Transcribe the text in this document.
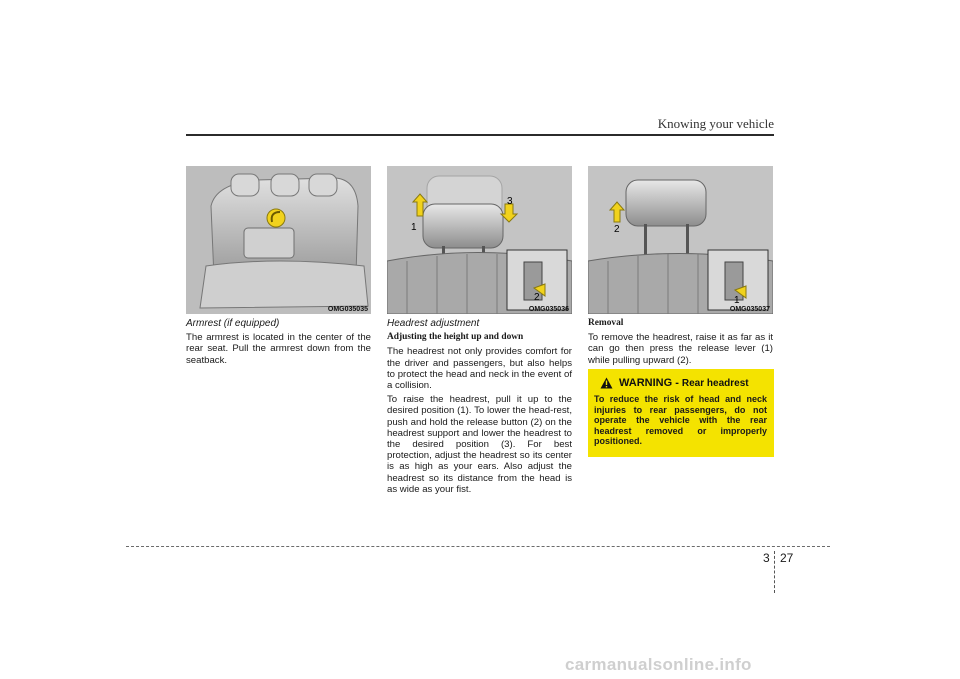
Knowing your vehicle
OMG035035
1
3
2
OMG035036
2
1
OMG035037

Armrest (if equipped)

The armrest is located in the center of the rear seat. Pull the armrest down from the seatback.

Headrest adjustment

Adjusting the height up and down

The headrest not only provides comfort for the driver and passengers, but also helps to protect the head and neck in the event of a collision.

To raise the headrest, pull it up to the desired position (1). To lower the head-rest, push and hold the release button (2) on the headrest support and lower the headrest to the desired position (3). For best protection, adjust the headrest so its center is as high as your ears. Also adjust the headrest so its distance from the head is as wide as your fist.

Removal

To remove the headrest, raise it as far as it can go then press the release lever (1) while pulling upward (2).

WARNING - Rear headrest
To reduce the risk of head and neck injuries to rear passengers, do not operate the vehicle with the rear headrest removed or improperly positioned.
3 27
carmanualsonline.info
